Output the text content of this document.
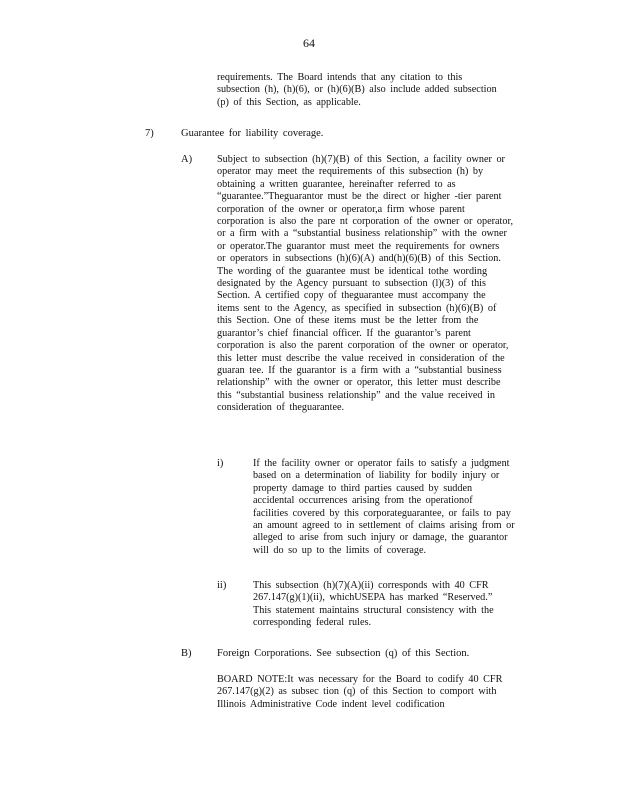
64

requirements. The Board intends that any citation to this

subsection (h), (h)(6), or (h)(6)(B) also include added subsection

(p) of this Section, as applicable.

7)	Guarantee for liability coverage.
A) Subject to subsection (h)(7)(B) of this Section, a facility owner or

operator may meet the requirements of this subsection (h) by

obtaining a written guarantee, hereinafter referred to as

“guarantee.”Theguarantor must be the direct or higher -tier parent

corporation of the owner or operator,a firm whose parent

corporation is also the pare nt corporation of the owner or operator,

or a firm with a “substantial business relationship” with the owner

or operator.The guarantor must meet the requirements for owners

or operators in subsections (h)(6)(A) and(h)(6)(B) of this Section.

The wording of the guarantee must be identical tothe wording

designated by the Agency pursuant to subsection (l)(3) of this

Section. A certified copy of theguarantee must accompany the

items sent to the Agency, as specified in subsection (h)(6)(B) of

this Section. One of these items must be the letter from the

guarantor’s chief financial officer. If the guarantor’s parent

corporation is also the parent corporation of the owner or operator,

this letter must describe the value received in consideration of the

guaran tee. If the guarantor is a firm with a “substantial business

relationship” with the owner or operator, this letter must describe

this “substantial business relationship” and the value received in

consideration of theguarantee.

i)	If the facility owner or operator fails to satisfy a judgment

based on a determination of liability for bodily injury or

property damage to third parties caused by sudden

accidental occurrences arising from the operationof

facilities covered by this corporateguarantee, or fails to pay

an amount agreed to in settlement of claims arising from or

alleged to arise from such injury or damage, the guarantor

will do so up to the limits of coverage.

ii)	This subsection (h)(7)(A)(ii) corresponds with 40 CFR

267.147(g)(1)(ii), whichUSEPA has marked “Reserved.”

This statement maintains structural consistency with the

corresponding federal rules.

B) Foreign Corporations. See subsection (q) of this Section.

BOARD NOTE:It was necessary for the Board to codify 40 CFR

267.147(g)(2) as subsec tion (q) of this Section to comport with

Illinois Administrative Code indent level codification
